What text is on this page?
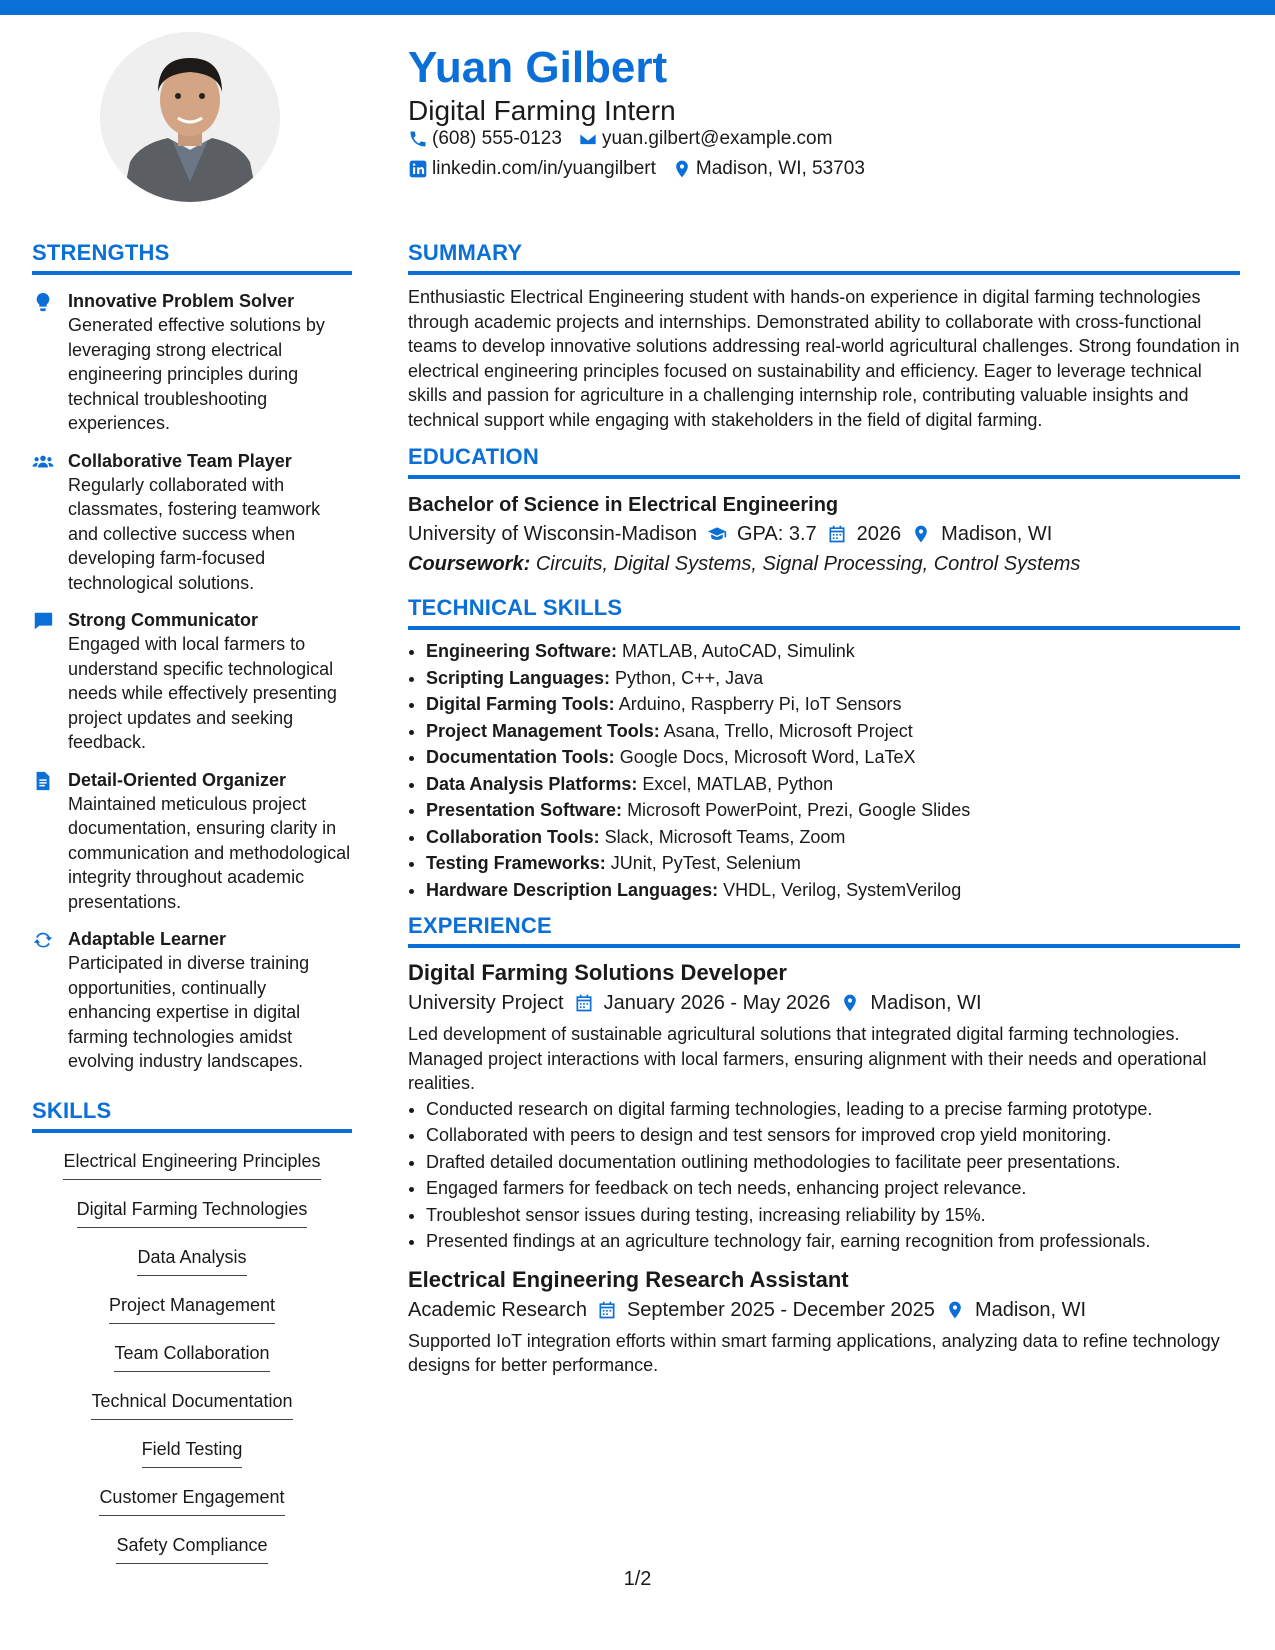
Yuan Gilbert
Digital Farming Intern
(608) 555-0123 yuan.gilbert@example.com
linkedin.com/in/yuangilbert Madison, WI, 53703
STRENGTHS
Innovative Problem Solver
Generated effective solutions by leveraging strong electrical engineering principles during technical troubleshooting experiences.
Collaborative Team Player
Regularly collaborated with classmates, fostering teamwork and collective success when developing farm-focused technological solutions.
Strong Communicator
Engaged with local farmers to understand specific technological needs while effectively presenting project updates and seeking feedback.
Detail-Oriented Organizer
Maintained meticulous project documentation, ensuring clarity in communication and methodological integrity throughout academic presentations.
Adaptable Learner
Participated in diverse training opportunities, continually enhancing expertise in digital farming technologies amidst evolving industry landscapes.
SKILLS
Electrical Engineering Principles
Digital Farming Technologies
Data Analysis
Project Management
Team Collaboration
Technical Documentation
Field Testing
Customer Engagement
Safety Compliance
SUMMARY
Enthusiastic Electrical Engineering student with hands-on experience in digital farming technologies through academic projects and internships. Demonstrated ability to collaborate with cross-functional teams to develop innovative solutions addressing real-world agricultural challenges. Strong foundation in electrical engineering principles focused on sustainability and efficiency. Eager to leverage technical skills and passion for agriculture in a challenging internship role, contributing valuable insights and technical support while engaging with stakeholders in the field of digital farming.
EDUCATION
Bachelor of Science in Electrical Engineering
University of Wisconsin-Madison GPA: 3.7 2026 Madison, WI
Coursework: Circuits, Digital Systems, Signal Processing, Control Systems
TECHNICAL SKILLS
• Engineering Software: MATLAB, AutoCAD, Simulink
• Scripting Languages: Python, C++, Java
• Digital Farming Tools: Arduino, Raspberry Pi, IoT Sensors
• Project Management Tools: Asana, Trello, Microsoft Project
• Documentation Tools: Google Docs, Microsoft Word, LaTeX
• Data Analysis Platforms: Excel, MATLAB, Python
• Presentation Software: Microsoft PowerPoint, Prezi, Google Slides
• Collaboration Tools: Slack, Microsoft Teams, Zoom
• Testing Frameworks: JUnit, PyTest, Selenium
• Hardware Description Languages: VHDL, Verilog, SystemVerilog
EXPERIENCE
Digital Farming Solutions Developer
University Project January 2026 - May 2026 Madison, WI
Led development of sustainable agricultural solutions that integrated digital farming technologies. Managed project interactions with local farmers, ensuring alignment with their needs and operational realities.
• Conducted research on digital farming technologies, leading to a precise farming prototype.
• Collaborated with peers to design and test sensors for improved crop yield monitoring.
• Drafted detailed documentation outlining methodologies to facilitate peer presentations.
• Engaged farmers for feedback on tech needs, enhancing project relevance.
• Troubleshot sensor issues during testing, increasing reliability by 15%.
• Presented findings at an agriculture technology fair, earning recognition from professionals.
Electrical Engineering Research Assistant
Academic Research September 2025 - December 2025 Madison, WI
Supported IoT integration efforts within smart farming applications, analyzing data to refine technology designs for better performance.
1/2
